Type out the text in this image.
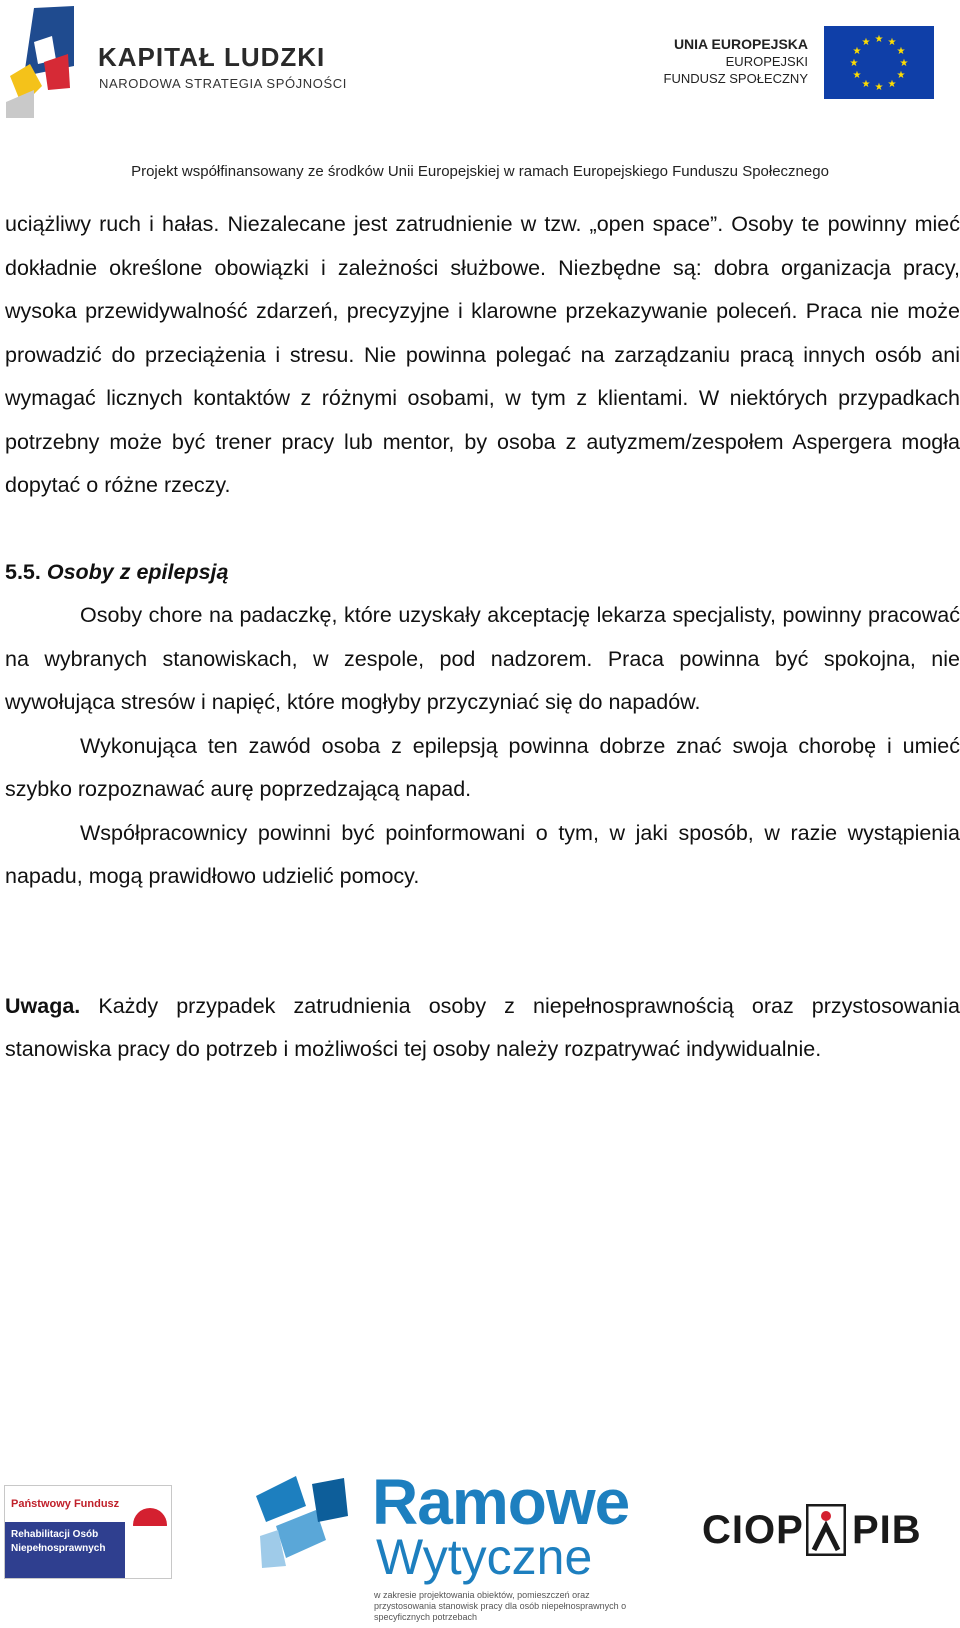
KAPITAŁ LUDZKI
NARODOWA STRATEGIA SPÓJNOŚCI
UNIA EUROPEJSKA
EUROPEJSKI
FUNDUSZ SPOŁECZNY
★ ★
★
★
★
★
★
★
★
★
★
★
Projekt współfinansowany ze środków Unii Europejskiej w ramach Europejskiego Funduszu Społecznego

uciążliwy ruch i hałas. Niezalecane jest zatrudnienie w tzw. „open space”. Osoby te powinny mieć dokładnie określone obowiązki i zależności służbowe. Niezbędne są: dobra organizacja pracy, wysoka przewidywalność zdarzeń, precyzyjne i klarowne przekazywanie poleceń. Praca nie może prowadzić do przeciążenia i stresu. Nie powinna polegać na zarządzaniu pracą innych osób ani wymagać licznych kontaktów z różnymi osobami, w tym z klientami. W niektórych przypadkach potrzebny może być trener pracy lub mentor, by osoba z autyzmem/zespołem Aspergera mogła dopytać o różne rzeczy.

5.5. Osoby z epilepsją

Osoby chore na padaczkę, które uzyskały akceptację lekarza specjalisty, powinny pracować na wybranych stanowiskach, w zespole, pod nadzorem. Praca powinna być spokojna, nie wywołująca stresów i napięć, które mogłyby przyczyniać się do napadów.

Wykonująca ten zawód osoba z epilepsją powinna dobrze znać swoja chorobę i umieć szybko rozpoznawać aurę poprzedzającą napad.

Współpracownicy powinni być poinformowani o tym, w jaki sposób, w razie wystąpienia napadu, mogą prawidłowo udzielić pomocy.

Uwaga. Każdy przypadek zatrudnienia osoby z niepełnosprawnością oraz przystosowania stanowiska pracy do potrzeb i możliwości tej osoby należy rozpatrywać indywidualnie.

Państwowy Fundusz
Rehabilitacji Osób Niepełnosprawnych
Ramowe
Wytyczne
w zakresie projektowania obiektów, pomieszczeń oraz przystosowania stanowisk pracy dla osób niepełnosprawnych o specyficznych potrzebach
CIOP PIB
